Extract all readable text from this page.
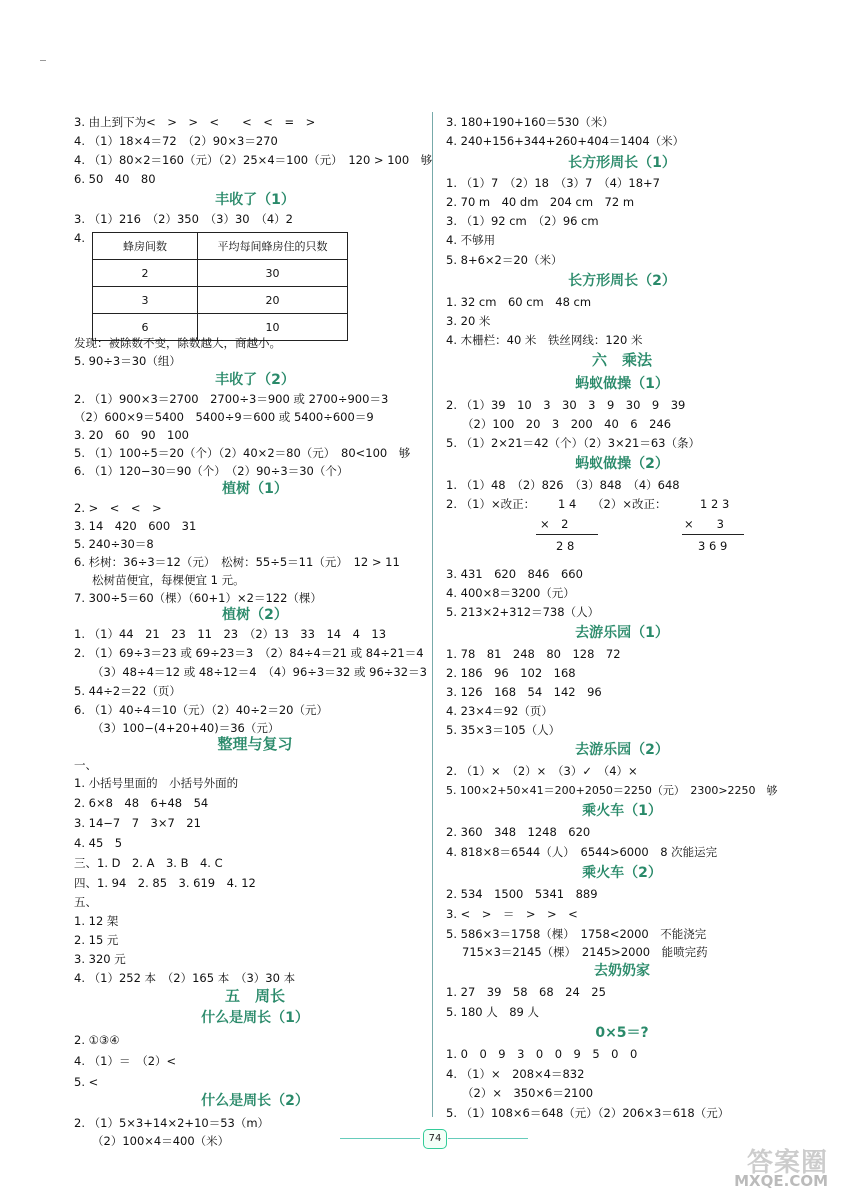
3. 由上到下为<　>　>　<　　<　<　=　>
4. （1）18×4＝72　（2）90×3＝270
4. （1）80×2＝160（元）（2）25×4＝100（元）　120 > 100　够
6. 50　40　80
丰收了（1）
3. （1）216　（2）350　（3）30　（4）2
4.
蜂房间数	平均每间蜂房住的只数
2	30
3	20
6	10
发现：被除数不变，除数越大，商越小。
5. 90÷3＝30（组）
丰收了（2）
2. （1）900×3＝2700　2700÷3＝900 或 2700÷900＝3
（2）600×9＝5400　5400÷9＝600 或 5400÷600＝9
3. 20　60　90　100
5. （1）100÷5＝20（个）（2）40×2＝80（元）　80<100　够
6. （1）120−30＝90（个）　（2）90÷3＝30（个）
植树（1）
2. >　<　<　>
3. 14　420　600　31
5. 240÷30＝8
6. 杉树：36÷3＝12（元）　松树：55÷5＝11（元）　12 > 11
松树苗便宜，每棵便宜 1 元。
7. 300÷5＝60（棵）（60+1）×2＝122（棵）
植树（2）
1. （1）44　21　23　11　23　（2）13　33　14　4　13
2. （1）69÷3＝23 或 69÷23＝3　（2）84÷4＝21 或 84÷21＝4
（3）48÷4＝12 或 48÷12＝4　（4）96÷3＝32 或 96÷32＝3
5. 44÷2＝22（页）
6. （1）40÷4＝10（元）（2）40÷2＝20（元）
（3）100−(4+20+40)＝36（元）
整理与复习
一、
1. 小括号里面的　小括号外面的
2. 6×8　48　6+48　54
3. 14−7　7　3×7　21
4. 45　5
三、1. D　2. A　3. B　4. C
四、1. 94　2. 85　3. 619　4. 12
五、
1. 12 架
2. 15 元
3. 320 元
4. （1）252 本　（2）165 本　（3）30 本
五　周长
什么是周长（1）
2. ①③④
4. （1）＝　（2）<
5. <
什么是周长（2）
2. （1）5×3+14×2+10＝53（m）
（2）100×4＝400（米）
3. 180+190+160＝530（米）
4. 240+156+344+260+404＝1404（米）
长方形周长（1）
1. （1）7　（2）18　（3）7　（4）18+7
2. 70 m　40 dm　204 cm　72 m
3. （1）92 cm　（2）96 cm
4. 不够用
5. 8+6×2＝20（米）
长方形周长（2）
1. 32 cm　60 cm　48 cm
3. 20 米
4. 木栅栏：40 米　铁丝网线：120 米
六　乘法
蚂蚁做操（1）
2. （1）39　10　3　30　3　9　30　9　39
（2）100　20　3　200　40　6　246
5. （1）2×21＝42（个）（2）3×21＝63（条）
蚂蚁做操（2）
1. （1）48　（2）826　（3）848　（4）648
2. （1）×改正：	（2）×改正：
1 4
×　2
2 8
1 2 3
×　　3
3 6 9
3. 431　620　846　660
4. 400×8＝3200（元）
5. 213×2+312＝738（人）
去游乐园（1）
1. 78　81　248　80　128　72
2. 186　96　102　168
3. 126　168　54　142　96
4. 23×4＝92（页）
5. 35×3＝105（人）
去游乐园（2）
2. （1）×　（2）×　（3）✓　（4）×
5. 100×2+50×41＝200+2050＝2250（元）　2300>2250　够
乘火车（1）
2. 360　348　1248　620
4. 818×8＝6544（人）　6544>6000　8 次能运完
乘火车（2）
2. 534　1500　5341　889
3. <　>　＝　>　>　<
5. 586×3＝1758（棵）　1758<2000　不能浇完
715×3＝2145（棵）　2145>2000　能喷完药
去奶奶家
1. 27　39　58　68　24　25
5. 180 人　89 人
0×5＝?
1. 0　0　9　3　0　0　9　5　0　0
4. （1）×　208×4＝832
（2）×　350×6＝2100
5. （1）108×6＝648（元）（2）206×3＝618（元）
74
答案圈
MXQE.COM
